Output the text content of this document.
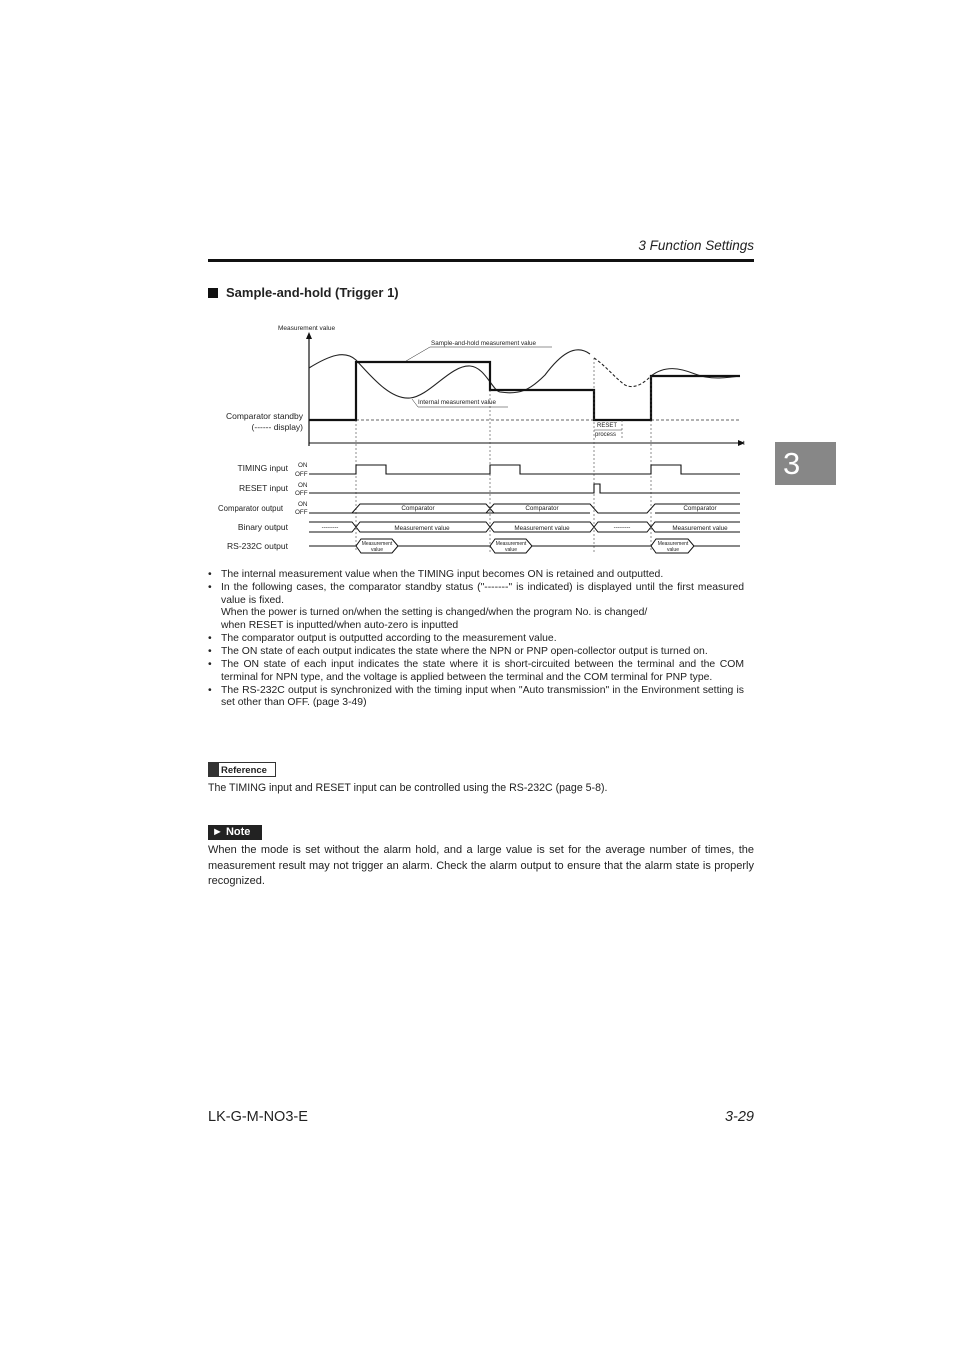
3 Function Settings
Sample-and-hold (Trigger 1)
3
Measurement value
t
Sample-and-hold measurement value
Internal measurement value
Comparator standby
(------ display)	RESET
process
TIMING input ON
OFF
RESET input ON
OFF
Comparator output ON
OFF
Comparator	Comparator	Comparator
Binary output	--------	Measurement value	Measurement value	--------	Measurement value
RS-232C output	Measurement
value
Measurement
value
Measurement
value
• The internal measurement value when the TIMING input becomes ON is retained and outputted.
• In the following cases, the comparator standby status ("-------" is indicated) is displayed until the first measured value is fixed.
When the power is turned on/when the setting is changed/when the program No. is changed/
when RESET is inputted/when auto-zero is inputted
• The comparator output is outputted according to the measurement value.
• The ON state of each output indicates the state where the NPN or PNP open-collector output is turned on.
• The ON state of each input indicates the state where it is short-circuited between the terminal and the COM terminal for NPN type, and the voltage is applied between the terminal and the COM terminal for PNP type.
• The RS-232C output is synchronized with the timing input when "Auto transmission" in the Environment setting is set other than OFF. (page 3-49)
Reference
The TIMING input and RESET input can be controlled using the RS-232C (page 5-8).
► Note
When the mode is set without the alarm hold, and a large value is set for the average number of times, the measurement result may not trigger an alarm. Check the alarm output to ensure that the alarm state is properly recognized.
LK-G-M-NO3-E	3-29
